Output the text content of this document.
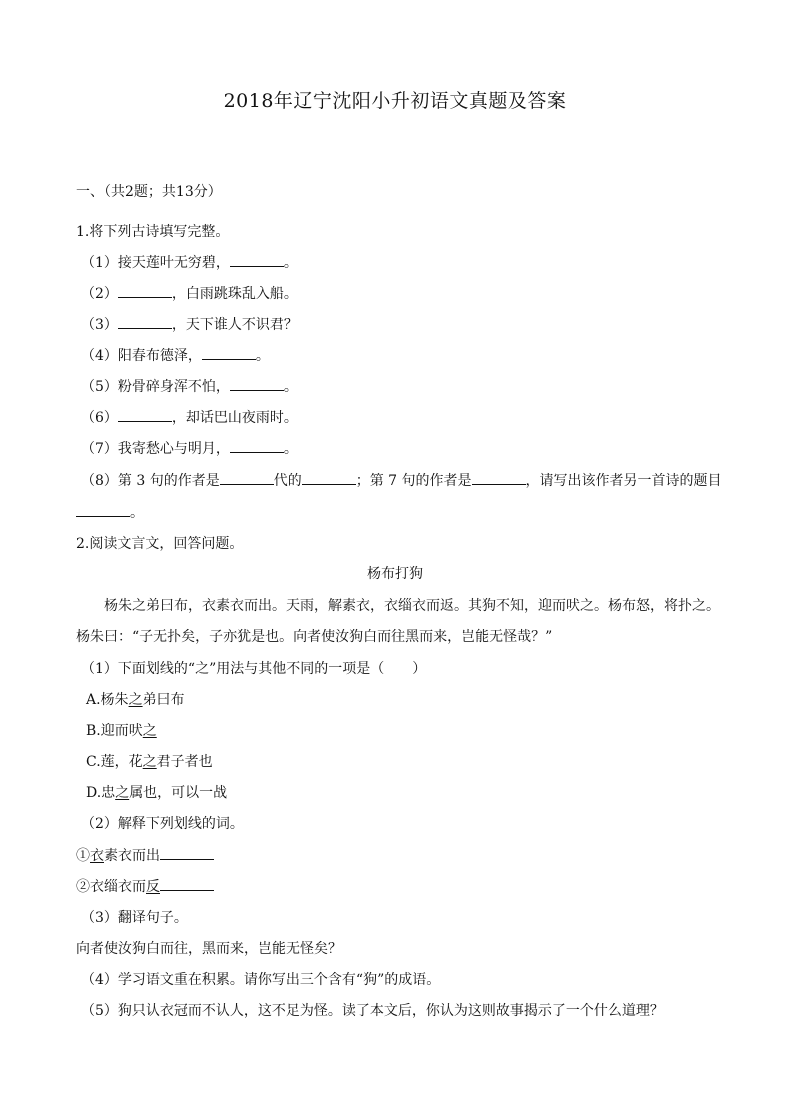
2018年辽宁沈阳小升初语文真题及答案
一、（共2题；共13分）
1.将下列古诗填写完整。
（1）接天莲叶无穷碧，	。
（2）	，白雨跳珠乱入船。
（3）	，天下谁人不识君？
（4）阳春布德泽，	。
（5）粉骨碎身浑不怕，	。
（6）	，却话巴山夜雨时。
（7）我寄愁心与明月，	。
（8）第 3 句的作者是	代的	；第 7 句的作者是	，请写出该作者另一首诗的题目
。
2.阅读文言文，回答问题。
杨布打狗
杨朱之弟曰布，衣素衣而出。天雨，解素衣，衣缁衣而返。其狗不知，迎而吠之。杨布怒，将扑之。
杨朱曰：“子无扑矣，子亦犹是也。向者使汝狗白而往黑而来，岂能无怪哉？”
（1）下面划线的“之”用法与其他不同的一项是（　　）
A.杨朱之弟曰布
B.迎而吠之
C.莲，花之君子者也
D.忠之属也，可以一战
（2）解释下列划线的词。
①衣素衣而出
②衣缁衣而反
（3）翻译句子。
向者使汝狗白而往，黑而来，岂能无怪矣？
（4）学习语文重在积累。请你写出三个含有“狗”的成语。
（5）狗只认衣冠而不认人，这不足为怪。读了本文后，你认为这则故事揭示了一个什么道理？
